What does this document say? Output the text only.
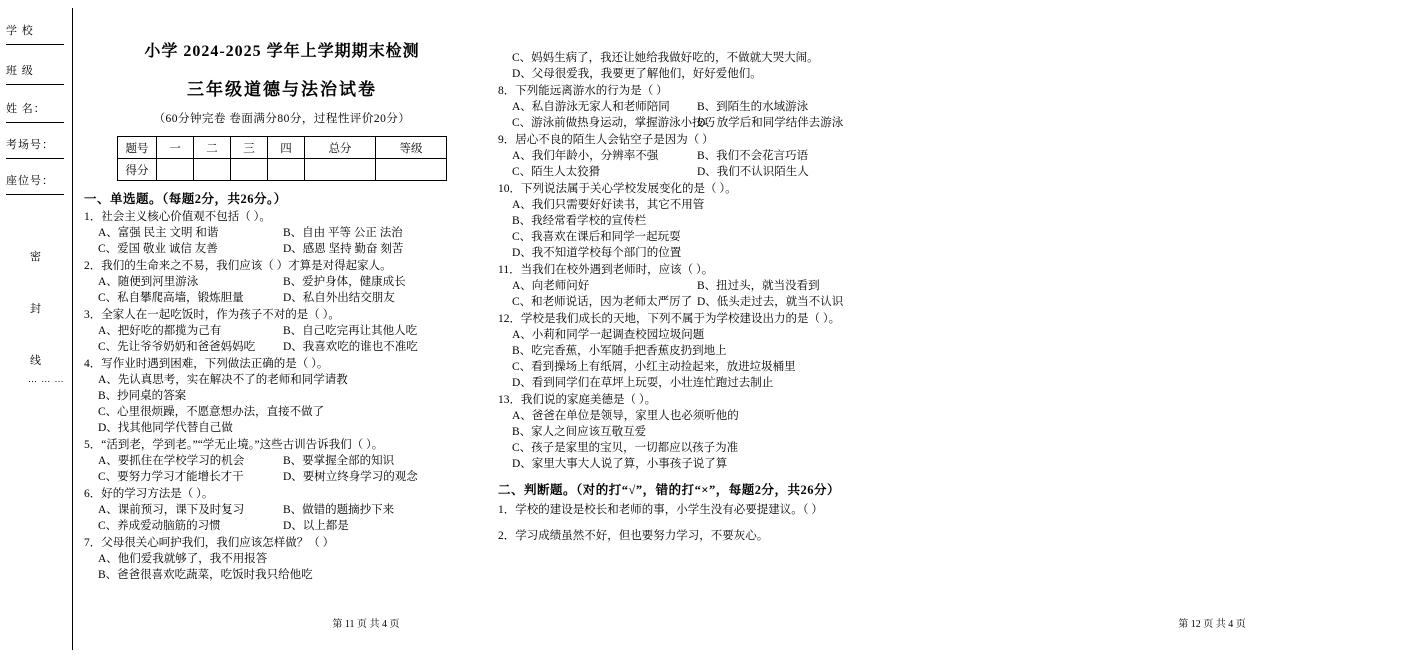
学 校
班 级
姓 名：
考场号：
座位号：
密
封
线
… … …
小学 2024-2025 学年上学期期末检测
三年级道德与法治试卷
（60分钟完卷 卷面满分80分，过程性评价20分）
题号	一	二	三	四	总分	等级
得分						
一、单选题。（每题2分，共26分。）
1．社会主义核心价值观不包括（ ）。
A、富强 民主 文明 和谐	B、自由 平等 公正 法治
C、爱国 敬业 诚信 友善	D、感恩 坚持 勤奋 刻苦
2．我们的生命来之不易，我们应该（ ）才算是对得起家人。
A、随便到河里游泳	B、爱护身体，健康成长
C、私自攀爬高墙，锻炼胆量	D、私自外出结交朋友
3．全家人在一起吃饭时，作为孩子不对的是（ ）。
A、把好吃的都揽为己有	B、自己吃完再让其他人吃
C、先让爷爷奶奶和爸爸妈妈吃 D、我喜欢吃的谁也不准吃
4．写作业时遇到困难，下列做法正确的是（ ）。
A、先认真思考，实在解决不了的老师和同学请教
B、抄同桌的答案
C、心里很烦躁，不愿意想办法，直接不做了
D、找其他同学代替自己做
5．“活到老，学到老。”“学无止境。”这些古训告诉我们（ ）。
A、要抓住在学校学习的机会	B、要掌握全部的知识
C、要努力学习才能增长才干	D、要树立终身学习的观念
6．好的学习方法是（ ）。
A、课前预习，课下及时复习	B、做错的题摘抄下来
C、养成爱动脑筋的习惯	D、以上都是
7．父母很关心呵护我们，我们应该怎样做？（ ）
A、他们爱我就够了，我不用报答
B、爸爸很喜欢吃蔬菜，吃饭时我只给他吃
第 11 页 共 4 页
C、妈妈生病了，我还让她给我做好吃的，不做就大哭大闹。
D、父母很爱我，我要更了解他们，好好爱他们。
8．下列能远离游水的行为是（ ）
A、私自游泳无家人和老师陪同 B、到陌生的水域游泳
C、游泳前做热身运动，掌握游泳小技巧D、放学后和同学结伴去游泳
9．居心不良的陌生人会钻空子是因为（ ）
A、我们年龄小，分辨率不强	B、我们不会花言巧语
C、陌生人太狡猾	D、我们不认识陌生人
10．下列说法属于关心学校发展变化的是（ ）。
A、我们只需要好好读书，其它不用管
B、我经常看学校的宣传栏
C、我喜欢在课后和同学一起玩耍
D、我不知道学校每个部门的位置
11．当我们在校外遇到老师时，应该（ ）。
A、向老师问好	B、扭过头，就当没看到
C、和老师说话，因为老师太严厉了 D、低头走过去，就当不认识
12．学校是我们成长的天地，下列不属于为学校建设出力的是（ ）。
A、小莉和同学一起调查校园垃圾问题
B、吃完香蕉，小军随手把香蕉皮扔到地上
C、看到操场上有纸屑，小红主动捡起来，放进垃圾桶里
D、看到同学们在草坪上玩耍，小壮连忙跑过去制止
13．我们说的家庭美德是（ ）。
A、爸爸在单位是领导，家里人也必须听他的
B、家人之间应该互敬互爱
C、孩子是家里的宝贝，一切都应以孩子为准
D、家里大事大人说了算，小事孩子说了算
二、判断题。（对的打“√”，错的打“×”，每题2分，共26分）
1．学校的建设是校长和老师的事，小学生没有必要提建议。（ ）
2．学习成绩虽然不好，但也要努力学习，不要灰心。
第 12 页 共 4 页
